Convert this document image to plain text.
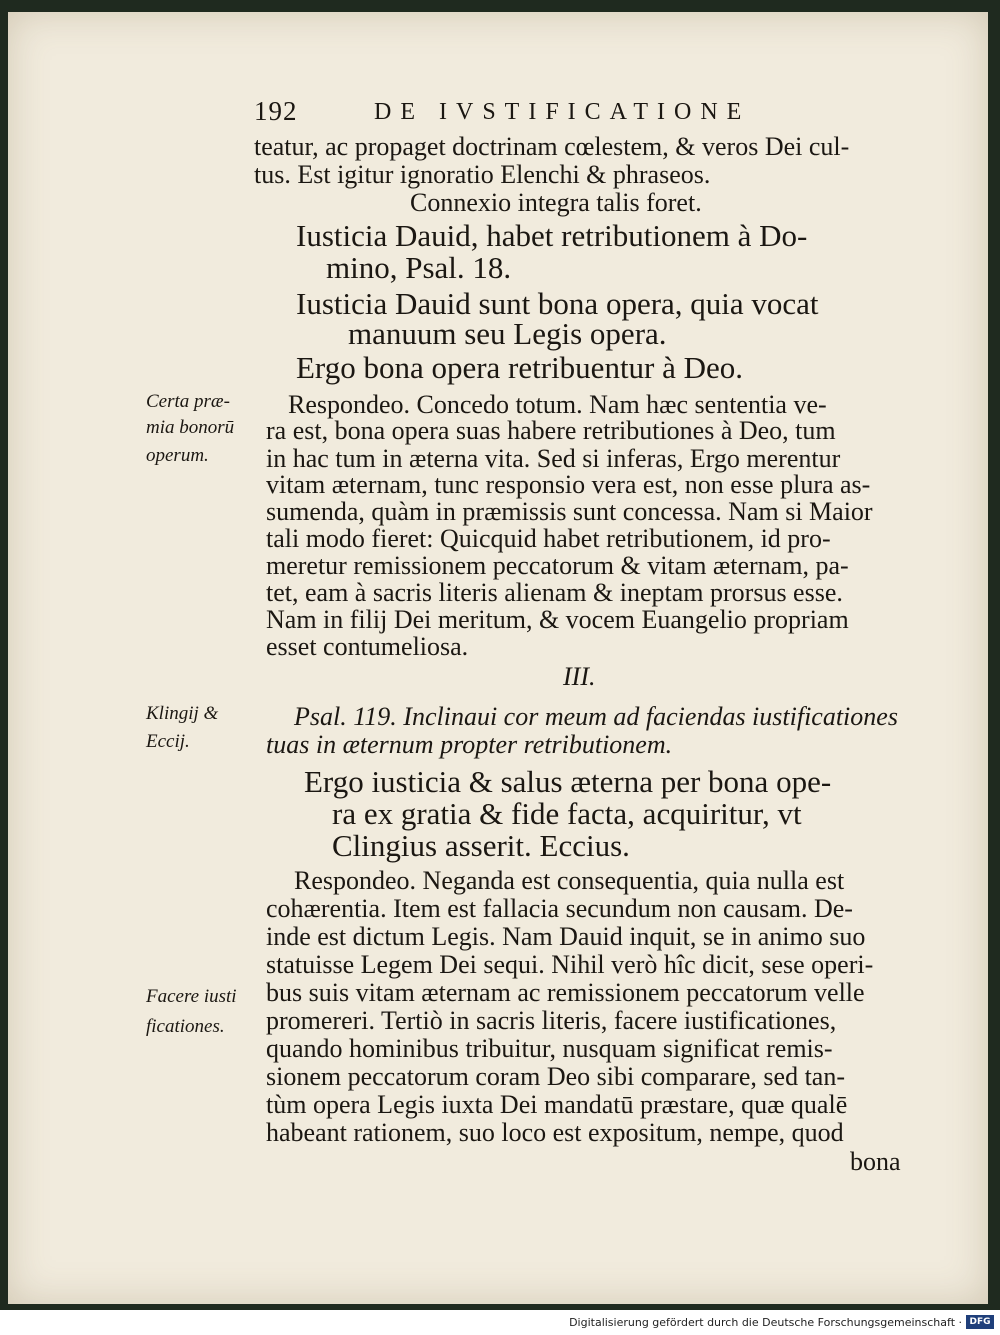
192	DE IVSTIFICATIONE
Certa præ-
mia bonorū
operum.
Klingij &
Eccij.
Facere iusti
ficationes.
teatur, ac propaget doctrinam cœlestem, & veros Dei cul-
tus. Est igitur ignoratio Elenchi & phraseos.
Connexio integra talis foret.
Iusticia Dauid, habet retributionem à Do-
mino, Psal. 18.
Iusticia Dauid sunt bona opera, quia vocat
manuum seu Legis opera.
Ergo bona opera retribuentur à Deo.
Respondeo. Concedo totum. Nam hæc sententia ve-
ra est, bona opera suas habere retributiones à Deo, tum
in hac tum in æterna vita. Sed si inferas, Ergo merentur
vitam æternam, tunc responsio vera est, non esse plura as-
sumenda, quàm in præmissis sunt concessa. Nam si Maior
tali modo fieret: Quicquid habet retributionem, id pro-
meretur remissionem peccatorum & vitam æternam, pa-
tet, eam à sacris literis alienam & ineptam prorsus esse.
Nam in filij Dei meritum, & vocem Euangelio propriam
esset contumeliosa.
III.
Psal. 119. Inclinaui cor meum ad faciendas iustificationes
tuas in æternum propter retributionem.
Ergo iusticia & salus æterna per bona ope-
ra ex gratia & fide facta, acquiritur, vt
Clingius asserit. Eccius.
Respondeo. Neganda est consequentia, quia nulla est
cohærentia. Item est fallacia secundum non causam. De-
inde est dictum Legis. Nam Dauid inquit, se in animo suo
statuisse Legem Dei sequi. Nihil verò hîc dicit, sese operi-
bus suis vitam æternam ac remissionem peccatorum velle
promereri. Tertiò in sacris literis, facere iustificationes,
quando hominibus tribuitur, nusquam significat remis-
sionem peccatorum coram Deo sibi comparare, sed tan-
tùm opera Legis iuxta Dei mandatū præstare, quæ qualē
habeant rationem, suo loco est expositum, nempe, quod
bona
Digitalisierung gefördert durch die Deutsche Forschungsgemeinschaft · DFG
